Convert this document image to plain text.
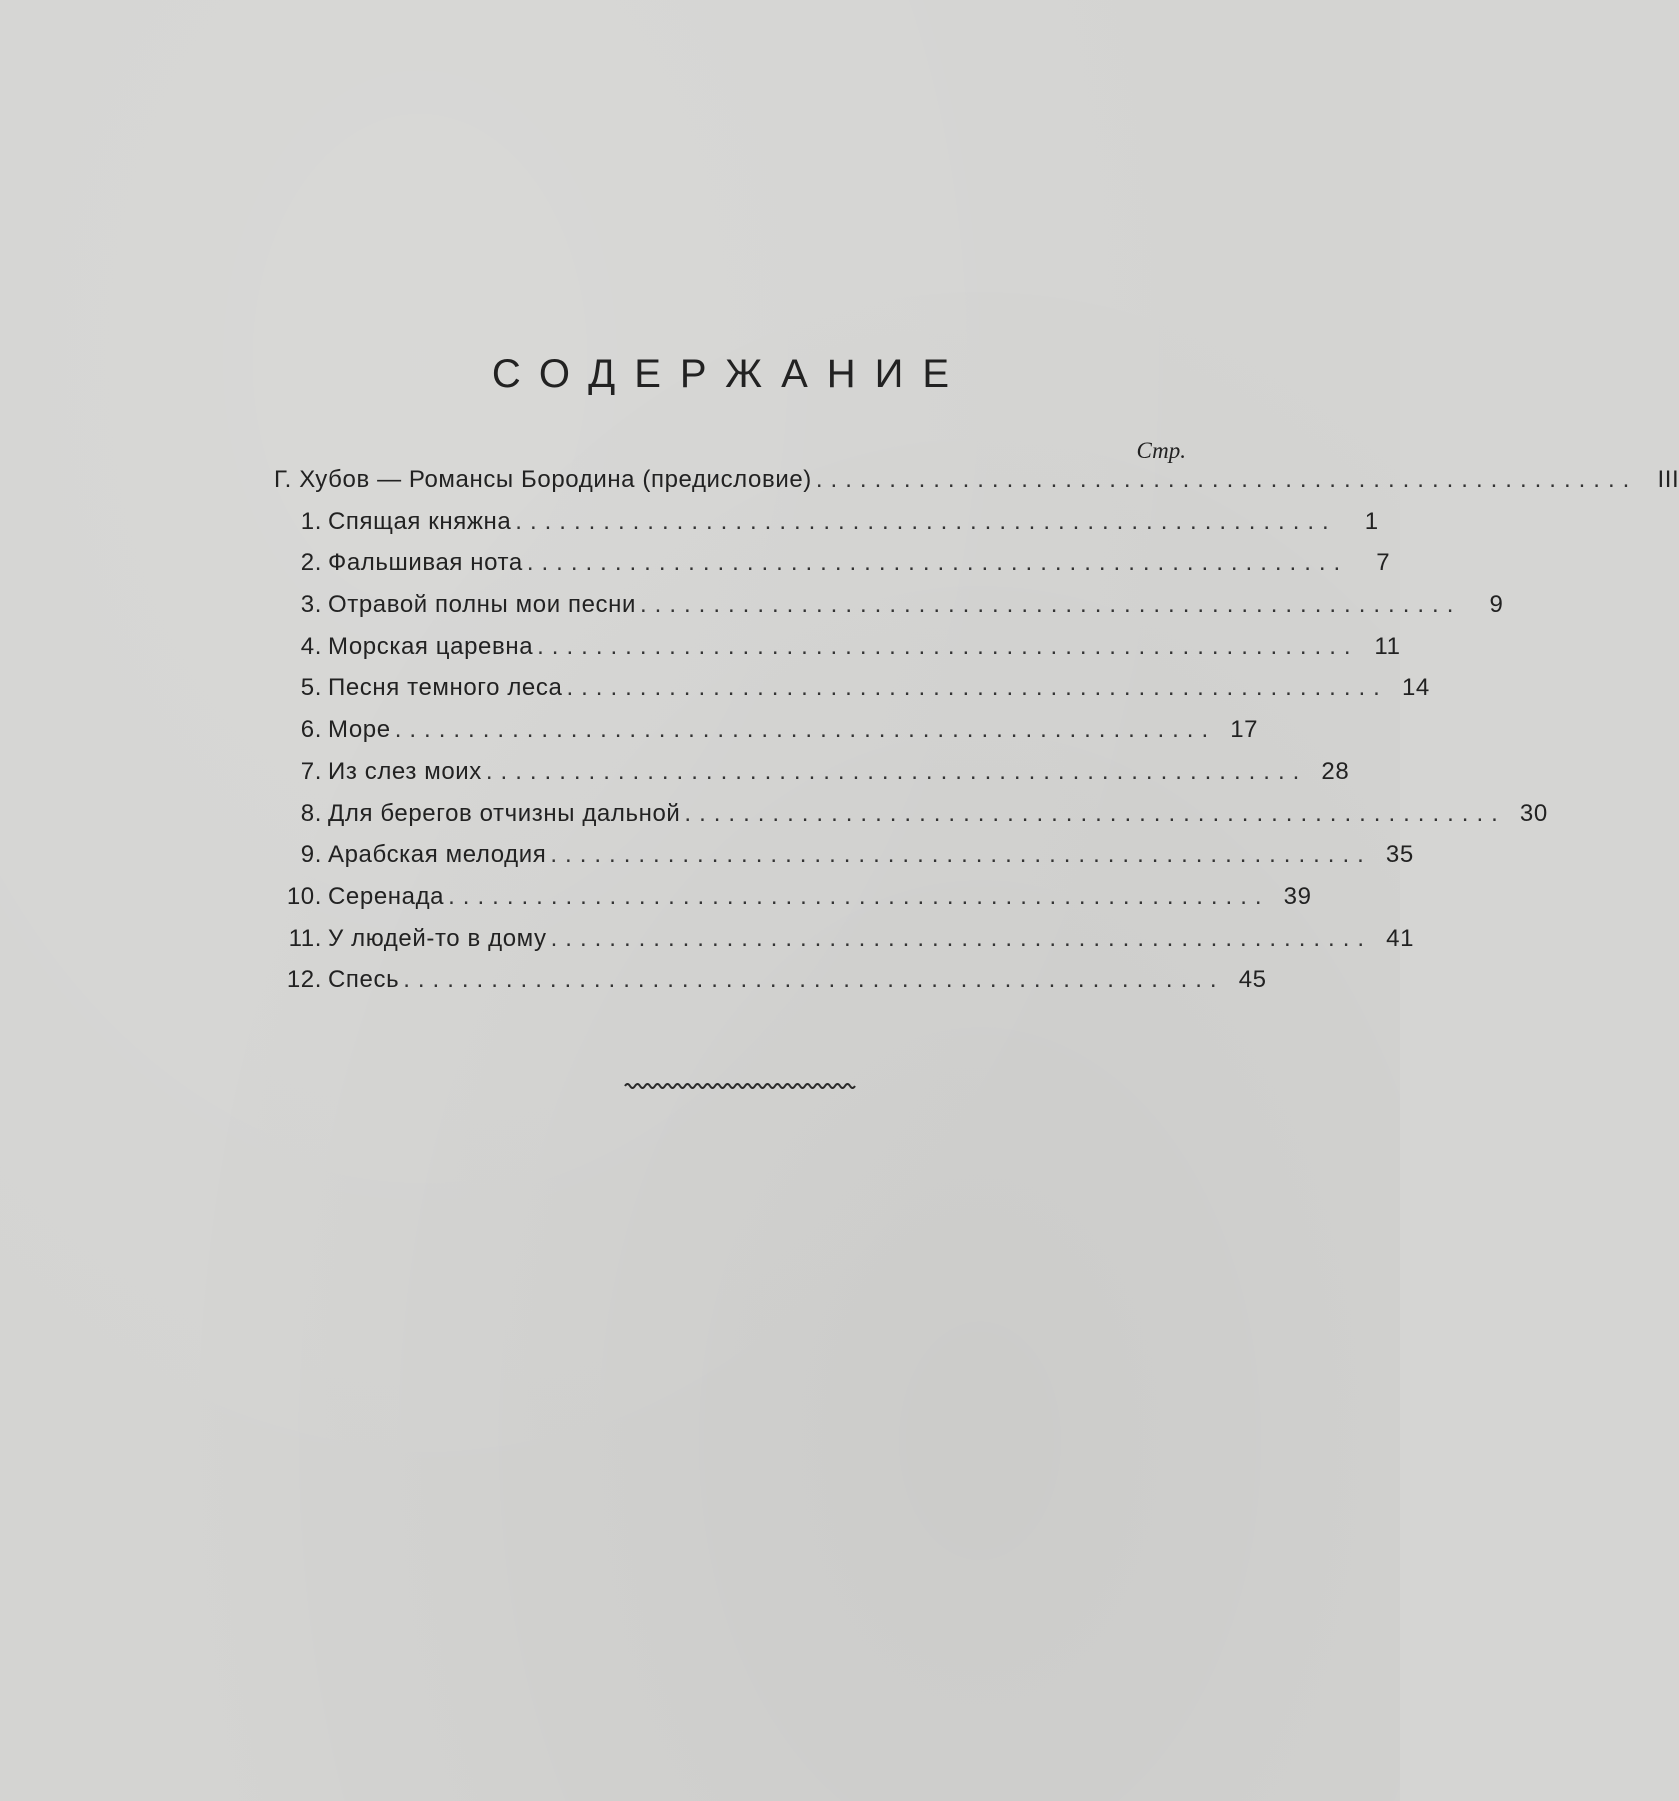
СОДЕРЖАНИЕ
Стр.
Г. Хубов — Романсы Бородина (предисловие) ........................................................ III
1. Спящая княжна ........................................................	1
2. Фальшивая нота ........................................................	7
3. Отравой полны мои песни ........................................................	9
4. Морская царевна ........................................................ 11
5. Песня темного леса ........................................................ 14
6. Море ........................................................ 17
7. Из слез моих ........................................................ 28
8. Для берегов отчизны дальной ........................................................ 30
9. Арабская мелодия ........................................................ 35
10. Серенада ........................................................ 39
11. У людей-то в дому ........................................................ 41
12. Спесь ........................................................ 45
